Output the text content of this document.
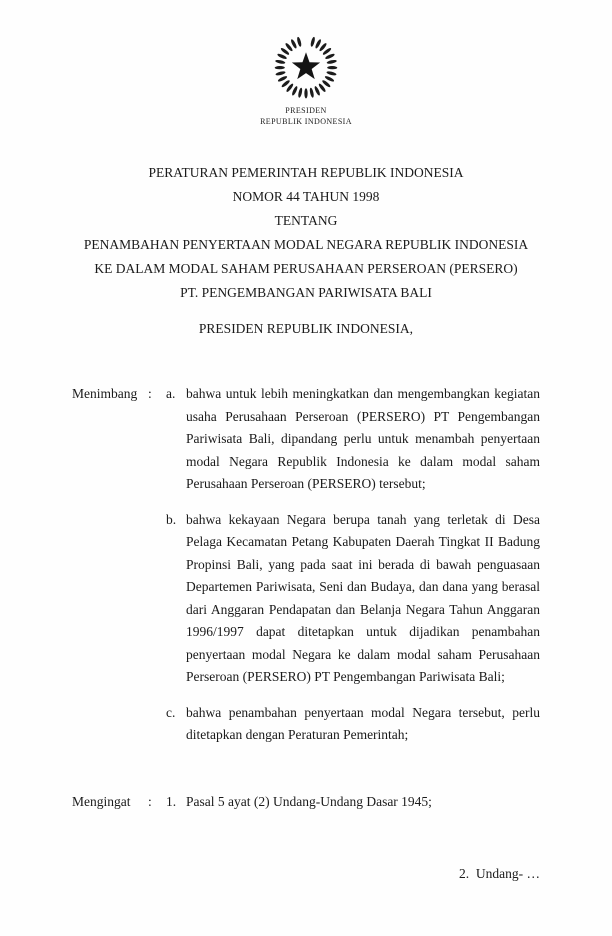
PRESIDEN
REPUBLIK INDONESIA
PERATURAN PEMERINTAH REPUBLIK INDONESIA
NOMOR 44 TAHUN 1998
TENTANG
PENAMBAHAN PENYERTAAN MODAL NEGARA REPUBLIK INDONESIA
KE DALAM MODAL SAHAM PERUSAHAAN PERSEROAN (PERSERO)
PT. PENGEMBANGAN PARIWISATA BALI
PRESIDEN REPUBLIK INDONESIA,
Menimbang :	a. bahwa untuk lebih meningkatkan dan mengembangkan kegiatan usaha Perusahaan Perseroan (PERSERO) PT Pengembangan Pariwisata Bali, dipandang perlu untuk menambah penyertaan modal Negara Republik Indonesia ke dalam modal saham Perusahaan Perseroan (PERSERO) tersebut;
b. bahwa kekayaan Negara berupa tanah yang terletak di Desa Pelaga Kecamatan Petang Kabupaten Daerah Tingkat II Badung Propinsi Bali, yang pada saat ini berada di bawah penguasaan Departemen Pariwisata, Seni dan Budaya, dan dana yang berasal dari Anggaran Pendapatan dan Belanja Negara Tahun Anggaran 1996/1997 dapat ditetapkan untuk dijadikan penambahan penyertaan modal Negara ke dalam modal saham Perusahaan Perseroan (PERSERO) PT Pengembangan Pariwisata Bali;
c. bahwa penambahan penyertaan modal Negara tersebut, perlu ditetapkan dengan Peraturan Pemerintah;
Mengingat	:	1. Pasal 5 ayat (2) Undang-Undang Dasar 1945;
2.  Undang- …
